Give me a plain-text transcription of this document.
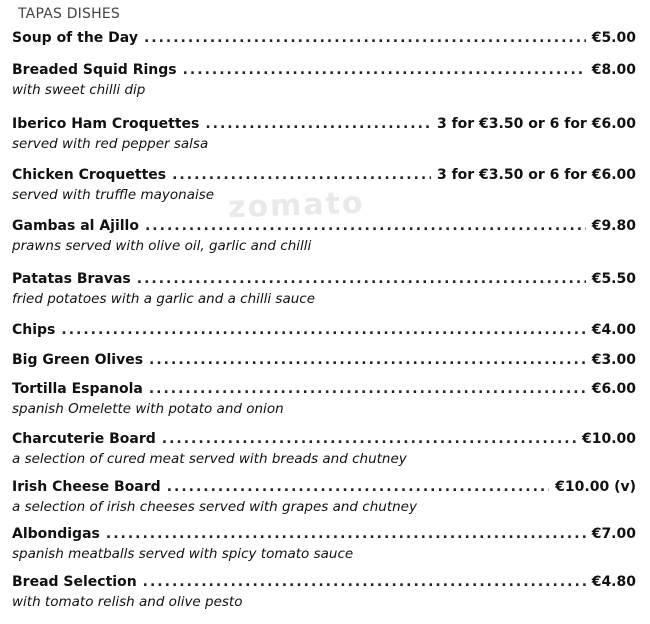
zomato
TAPAS DISHES
Soup of the Day .....	€5.00
Breaded Squid Rings .....	€8.00
with sweet chilli dip
Iberico Ham Croquettes .....	3 for €3.50 or 6 for €6.00
served with red pepper salsa
Chicken Croquettes .....	3 for €3.50 or 6 for €6.00
served with truffle mayonaise
Gambas al Ajillo .....	€9.80
prawns served with olive oil, garlic and chilli
Patatas Bravas .....	€5.50
fried potatoes with a garlic and a chilli sauce
Chips .....	€4.00
Big Green Olives .....	€3.00
Tortilla Espanola .....	€6.00
spanish Omelette with potato and onion
Charcuterie Board .....	€10.00
a selection of cured meat served with breads and chutney
Irish Cheese Board .....	€10.00 (v)
a selection of irish cheeses served with grapes and chutney
Albondigas .....	€7.00
spanish meatballs served with spicy tomato sauce
Bread Selection .....	€4.80
with tomato relish and olive pesto
